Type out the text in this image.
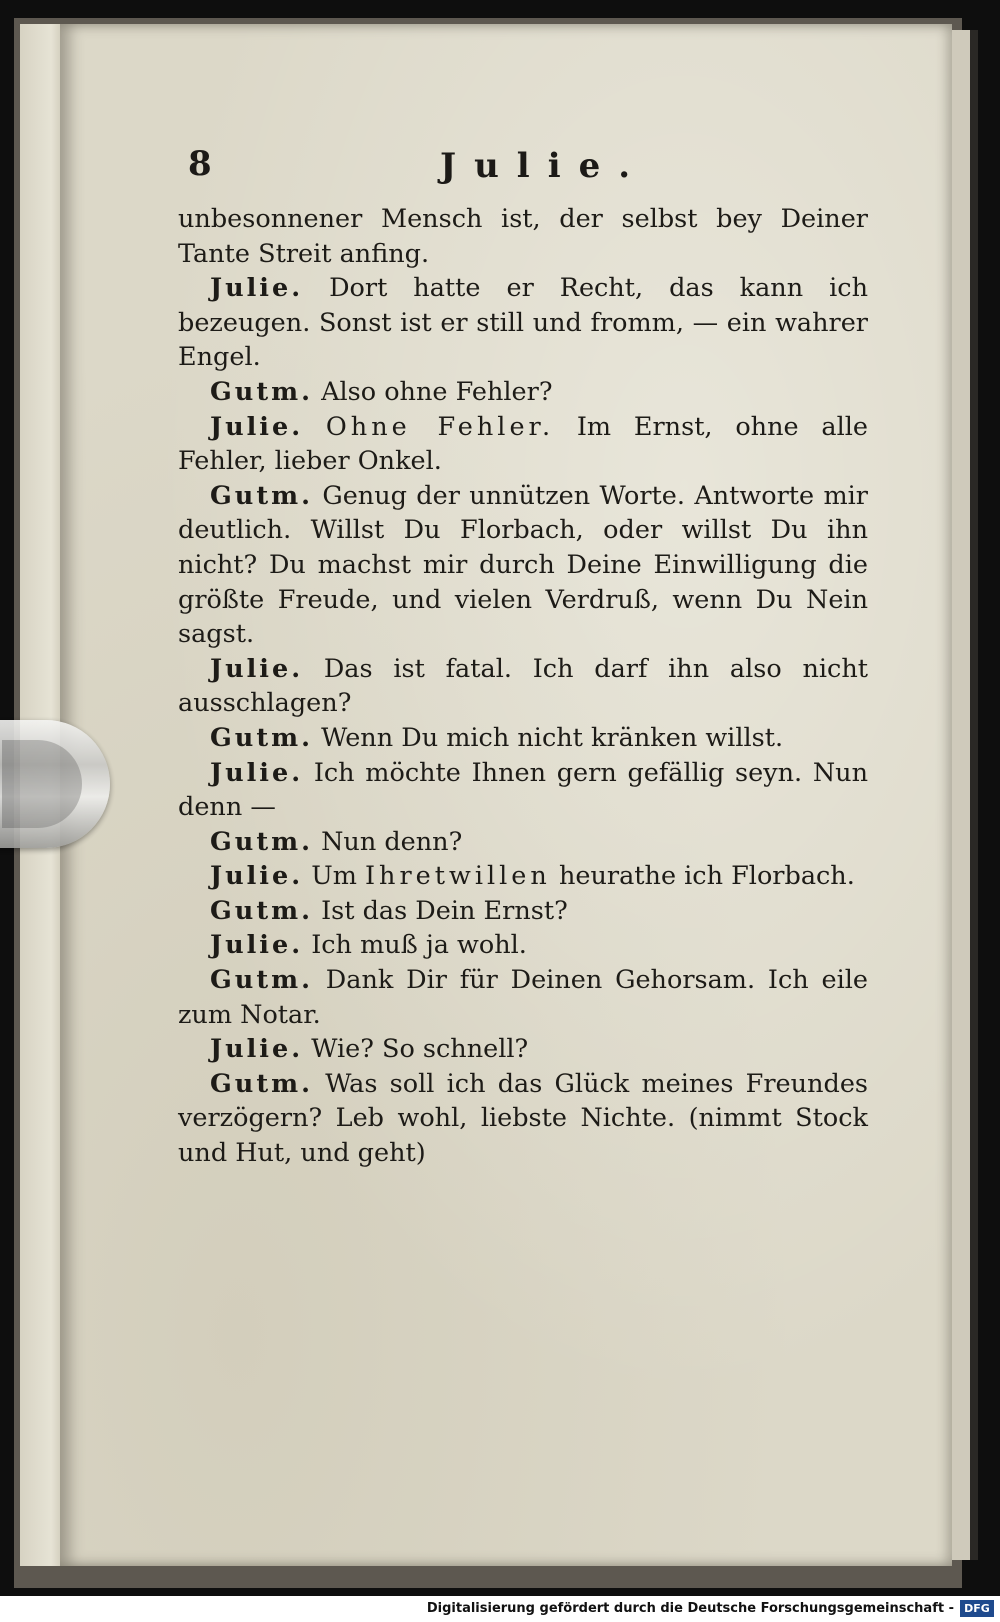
8	Julie.

unbesonnener Mensch ist, der selbst bey Deiner Tante Streit anfing.

Julie. Dort hatte er Recht, das kann ich bezeugen. Sonst ist er still und fromm, — ein wahrer Engel.

Gutm. Also ohne Fehler?

Julie. Ohne Fehler. Im Ernst, ohne alle Fehler, lieber Onkel.

Gutm. Genug der unnützen Worte. Antworte mir deutlich. Willst Du Florbach, oder willst Du ihn nicht? Du machst mir durch Deine Einwilligung die größte Freude, und vielen Verdruß, wenn Du Nein sagst.

Julie. Das ist fatal. Ich darf ihn also nicht ausschlagen?

Gutm. Wenn Du mich nicht kränken willst.

Julie. Ich möchte Ihnen gern gefällig seyn. Nun denn —

Gutm. Nun denn?

Julie. Um Ihretwillen heurathe ich Florbach.

Gutm. Ist das Dein Ernst?

Julie. Ich muß ja wohl.

Gutm. Dank Dir für Deinen Gehorsam. Ich eile zum Notar.

Julie. Wie? So schnell?

Gutm. Was soll ich das Glück meines Freundes verzögern? Leb wohl, liebste Nichte. (nimmt Stock und Hut, und geht)

Digitalisierung gefördert durch die Deutsche Forschungsgemeinschaft - DFG
